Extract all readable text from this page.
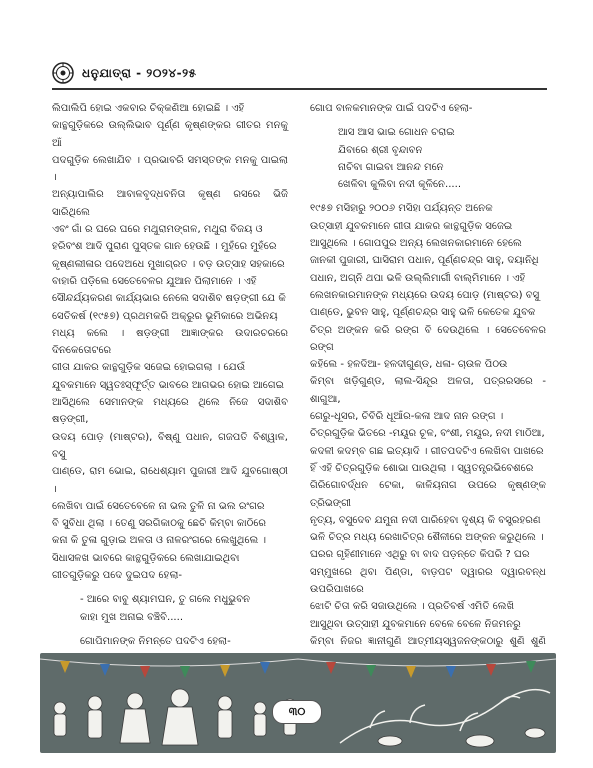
ଧନୁଯାତ୍ରା - ୨୦୨୪-୨୫

ଲିପାଲିପି ହୋଇ ଏକବାର ଚିକ୍‌କଣିଆ ହୋଇଛି । ଏହି
କାନ୍ଥଗୁଡ଼ିକରେ ଉଲ୍ଲିଭାବ ପୂର୍ଣ୍ଣ କୃଷ୍ଣଙ୍କର ଗୀତର ମନକୁ ଆଁ
ପଦଗୁଡ଼ିକ ଲେଖାଯିବ । ପ୍ରଭାବରି ସମସ୍ତଙ୍କ ମନକୁ ପାଇଲା ।
ଅନ୍ୟାପାଲିର ଆବାଳବୃଦ୍ଧବନିତା କୃଷ୍ଣ ରସରେ ଭିଜି ସାରିଥିଲେ
ଏବଂ ଗାଁ ର ଘରେ ଘରେ ମଥୁରାମଙ୍ଗଳ, ମଥୁରା ବିଜୟ ଓ
ହରିବଂଶ ଆଦି ପୁରାଣ ପୁସ୍ତକ ଗାନ ହେଉଛି । ମୁହଁରେ ମୁହଁରେ
କୃଷ୍ଣଲୀଳାର ପଦେଅଧେ ମୁଖାଗ୍ରତ । ବଡ଼ ଉତ୍ସାହ ସହକାରେ
ବାହାରି ପଡ଼ିଲେ ସେତେବେଳର ଯୁଆନ ପିଲାମାନେ । ଏହି
ସୌନ୍ଦର୍ଯ୍ୟକରଣ କାର୍ଯ୍ୟଭାର ନେଲେ ସଦାଶିବ ଷଡ଼ଙ୍ଗୀ ଯେ କି
ସେତିକର୍ଷ (୧୯୫୭) ପ୍ରଥମକରି ଅକ୍ରୁର ଭୂମିକାରେ ଅଭିନୟ
ମଧ୍ୟ କଲେ । ଷଡ଼ଙ୍ଗୀ ଆଜ୍ଞାଙ୍କର ଉଦାରଚରରେ ଦିନକେତୋଟରେ
ଗୀତା ଯାକର କାନ୍ଥଗୁଡ଼ିକ ସଜେଇ ହୋଇଗଲା । ଯେଉଁ
ଯୁବକମାନେ ସ୍ୱତଃସ୍ଫୂର୍ତ୍ତ ଭାବରେ ଆଗଭର ହୋଇ ଆଗେଇ
ଆସିଥିଲେ ସେମାନଙ୍କ ମଧ୍ୟରେ ଥିଲେ ନିଜେ ସଦାଶିବ ଷଡ଼ଙ୍ଗୀ,
ଉଦୟ ପୋଡ଼ (ମାଷ୍ଟର), ବିଷ୍ଣୁ ପଧାନ, ଗଜପତି ବିଶ୍ୱାଳ, ବସୁ
ପାଣ୍ଡେ, ରାମ ଭୋଇ, ରାଧେଶ୍ୟାମ ପୁଜାରୀ ଆଦି ଯୁବଗୋଷ୍ଠୀ ।
ଲେଖିବା ପାଇଁ ସେତେବେଳେ ନା ଭଲ ତୁଳି ନା ଭଲ ରଂଗର
ବି ସୁବିଧା ଥିଲା । ତେଣୁ ସରଗିକାଠକୁ ଛେଚି କିମ୍ବା କାଠିରେ
କନା କି ତୁଳା ଗୁଡ଼ାଇ ଅଳତା ଓ ନାଳରଂଗରେ ଲେଖୁଥିଲେ ।
ସିଧାସଳଖ ଭାବରେ କାନ୍ଥଗୁଡ଼ିକରେ ଲେଖାଯାଇଥିବା
ଗୀତଗୁଡ଼ିକରୁ ପଦେ ଦୁଇପଦ ହେଲା-

- ଆରେ ବାବୁ ଶ୍ୟାମଘନ, ତୁ ଗଲେ ମଧୁଭୁବନ
କାହା ମୁଖ ଅନାଇ ବଞ୍ଚିବି.....

ଗୋପିମାନଙ୍କ ନିମନ୍ତେ ପଦଟିଏ ହେଲା-

ଗୋପ ବାଳକମାନଙ୍କ ପାଇଁ ପଦଟିଏ ହେଲା-

ଆସ ଆସ ଭାଇ ଗୋଧନ ଚରାଇ
ଯିବାରେ ଶ୍ରୀ ବୃନ୍ଦାବନ
ନାଚିବା ଗାଇବା ଆନନ୍ଦ ମନେ
ଖେଳିବା କୁଲିବା ନଦୀ କୂଳିନେ.....

୧୯୫୭ ମସିହାରୁ ୨୦୦୬ ମସିହା ପର୍ଯ୍ୟନ୍ତ ଅନେକ
ଉତ୍ସାହୀ ଯୁବକମାନେ ଗୀତା ଯାକର କାନ୍ଥଗୁଡ଼ିକ ସଜେଇ
ଆସୁଥିଲେ । ଗୋପପୁର ଅନ୍ୟ ଲେଖନକାରମାନେ ହେଲେ
ଜାନକୀ ପୁଜାରୀ, ଘାସିରାମ ପଧାନ, ପୂର୍ଣ୍ଣଚନ୍ଦ୍ର ସାହୁ, ଦୟାନିଧି
ପଧାନ, ଅଗ୍ନି ଥପା ଭଳି ଉଲ୍ଲିମାର୍ଗୀ ବାଲ୍ମିମାନେ । ଏହି
ଲେଖନକାରମାନଙ୍କ ମଧ୍ୟରେ ଉଦୟ ପୋଡ଼ (ମାଷ୍ଟର) ବସୁ
ପାଣ୍ଡେ, ଭୁବନ ସାହୁ, ପୂର୍ଣ୍ଣଚନ୍ଦ୍ର ସାହୁ ଭଳି କେତେକ ଯୁବକ
ଚିତ୍ର ଅଙ୍କନ କରି ରଙ୍ଗ ବି ଦେଉଥିଲେ । ସେତେବେଳର ରଙ୍ଗ
କହିଲେ - ହଳଦିଆ- ହଳଦୀଗୁଣ୍ଡ, ଧଳା- ଚାଉଳ ପିଠଉ
କିମ୍ବା ଖଡ଼ିଗୁଣ୍ଡ, ଲାଲ-ସିନ୍ଦୂର ଅଳତା, ପତ୍ରରସରେ - ଶାଗୁଆ,
ଗେରୁ-ଧୂସର, ଚିବିରି ଧୂଆଁର-କଳା ଆଦ ନାନ ରଙ୍ଗ ।
ଚିତ୍ରଗୁଡ଼ିକ ଭିତରେ -ମୟୂର ଚୂଳ, ବଂଶୀ, ମୟୂର, ନଦୀ ମାଠିଆ,
କଦଳୀ କଦମ୍ବ ଗଛ ଇତ୍ୟାଦି । ଗୀତପଦଟିଏ ଲେଖିବା ପାଖରେ
ହିଁ ଏହି ଚିତ୍ରଗୁଡ଼ିକ ଶୋଭା ପାଉଥିଲା । ସ୍ୱତନ୍ତ୍ରଭିବେଶରେ
ଗିରିଗୋବର୍ଦ୍ଧନ ଟେକା, କାଳିୟନାଗ ଉପରେ କୃଷ୍ଣଙ୍କ ତ୍ରିଭଙ୍ଗୀ
ନୃତ୍ୟ, ବସୁଦେବ ଯମୁନା ନଦୀ ପାରିହେବା ଦୃଶ୍ୟ କି ବସ୍ତ୍ରହରଣ
ଭଳି ଚିତ୍ର ମଧ୍ୟ ରେଖାଚିତ୍ର ଶୈଳୀରେ ଅଙ୍କନ କରୁଥିଲେ ।
ଘରର ଗୃହିଣୀମାନେ ଏଥିରୁ ବା ବାଦ ପଡ଼ନ୍ତେ କିପରି ? ଘର
ସମ୍ମୁଖରେ ଥିବା ପିଣ୍ଡା, ବାଡ଼ପଟ ଦ୍ୱାରର ଦ୍ୱାରବନ୍ଧ ଉପରିପାଖରେ
ଝୋଟି ଚିତା କରି ସଜାଉଥିଲେ । ପ୍ରତିବର୍ଷ ଏମିତି ଲେଖି
ଆସୁଥିବା ଉତ୍ସାହୀ ଯୁବକମାନେ ବେଳେ ବେଳେ ନିଜମନରୁ
କିମ୍ବା ନିଜର ଜ୍ଞାନୀଗୁଣି ଆତ୍ମୀୟସ୍ୱଜନଙ୍କଠାରୁ ଶୁଣି ଶୁଣି

୩୦
